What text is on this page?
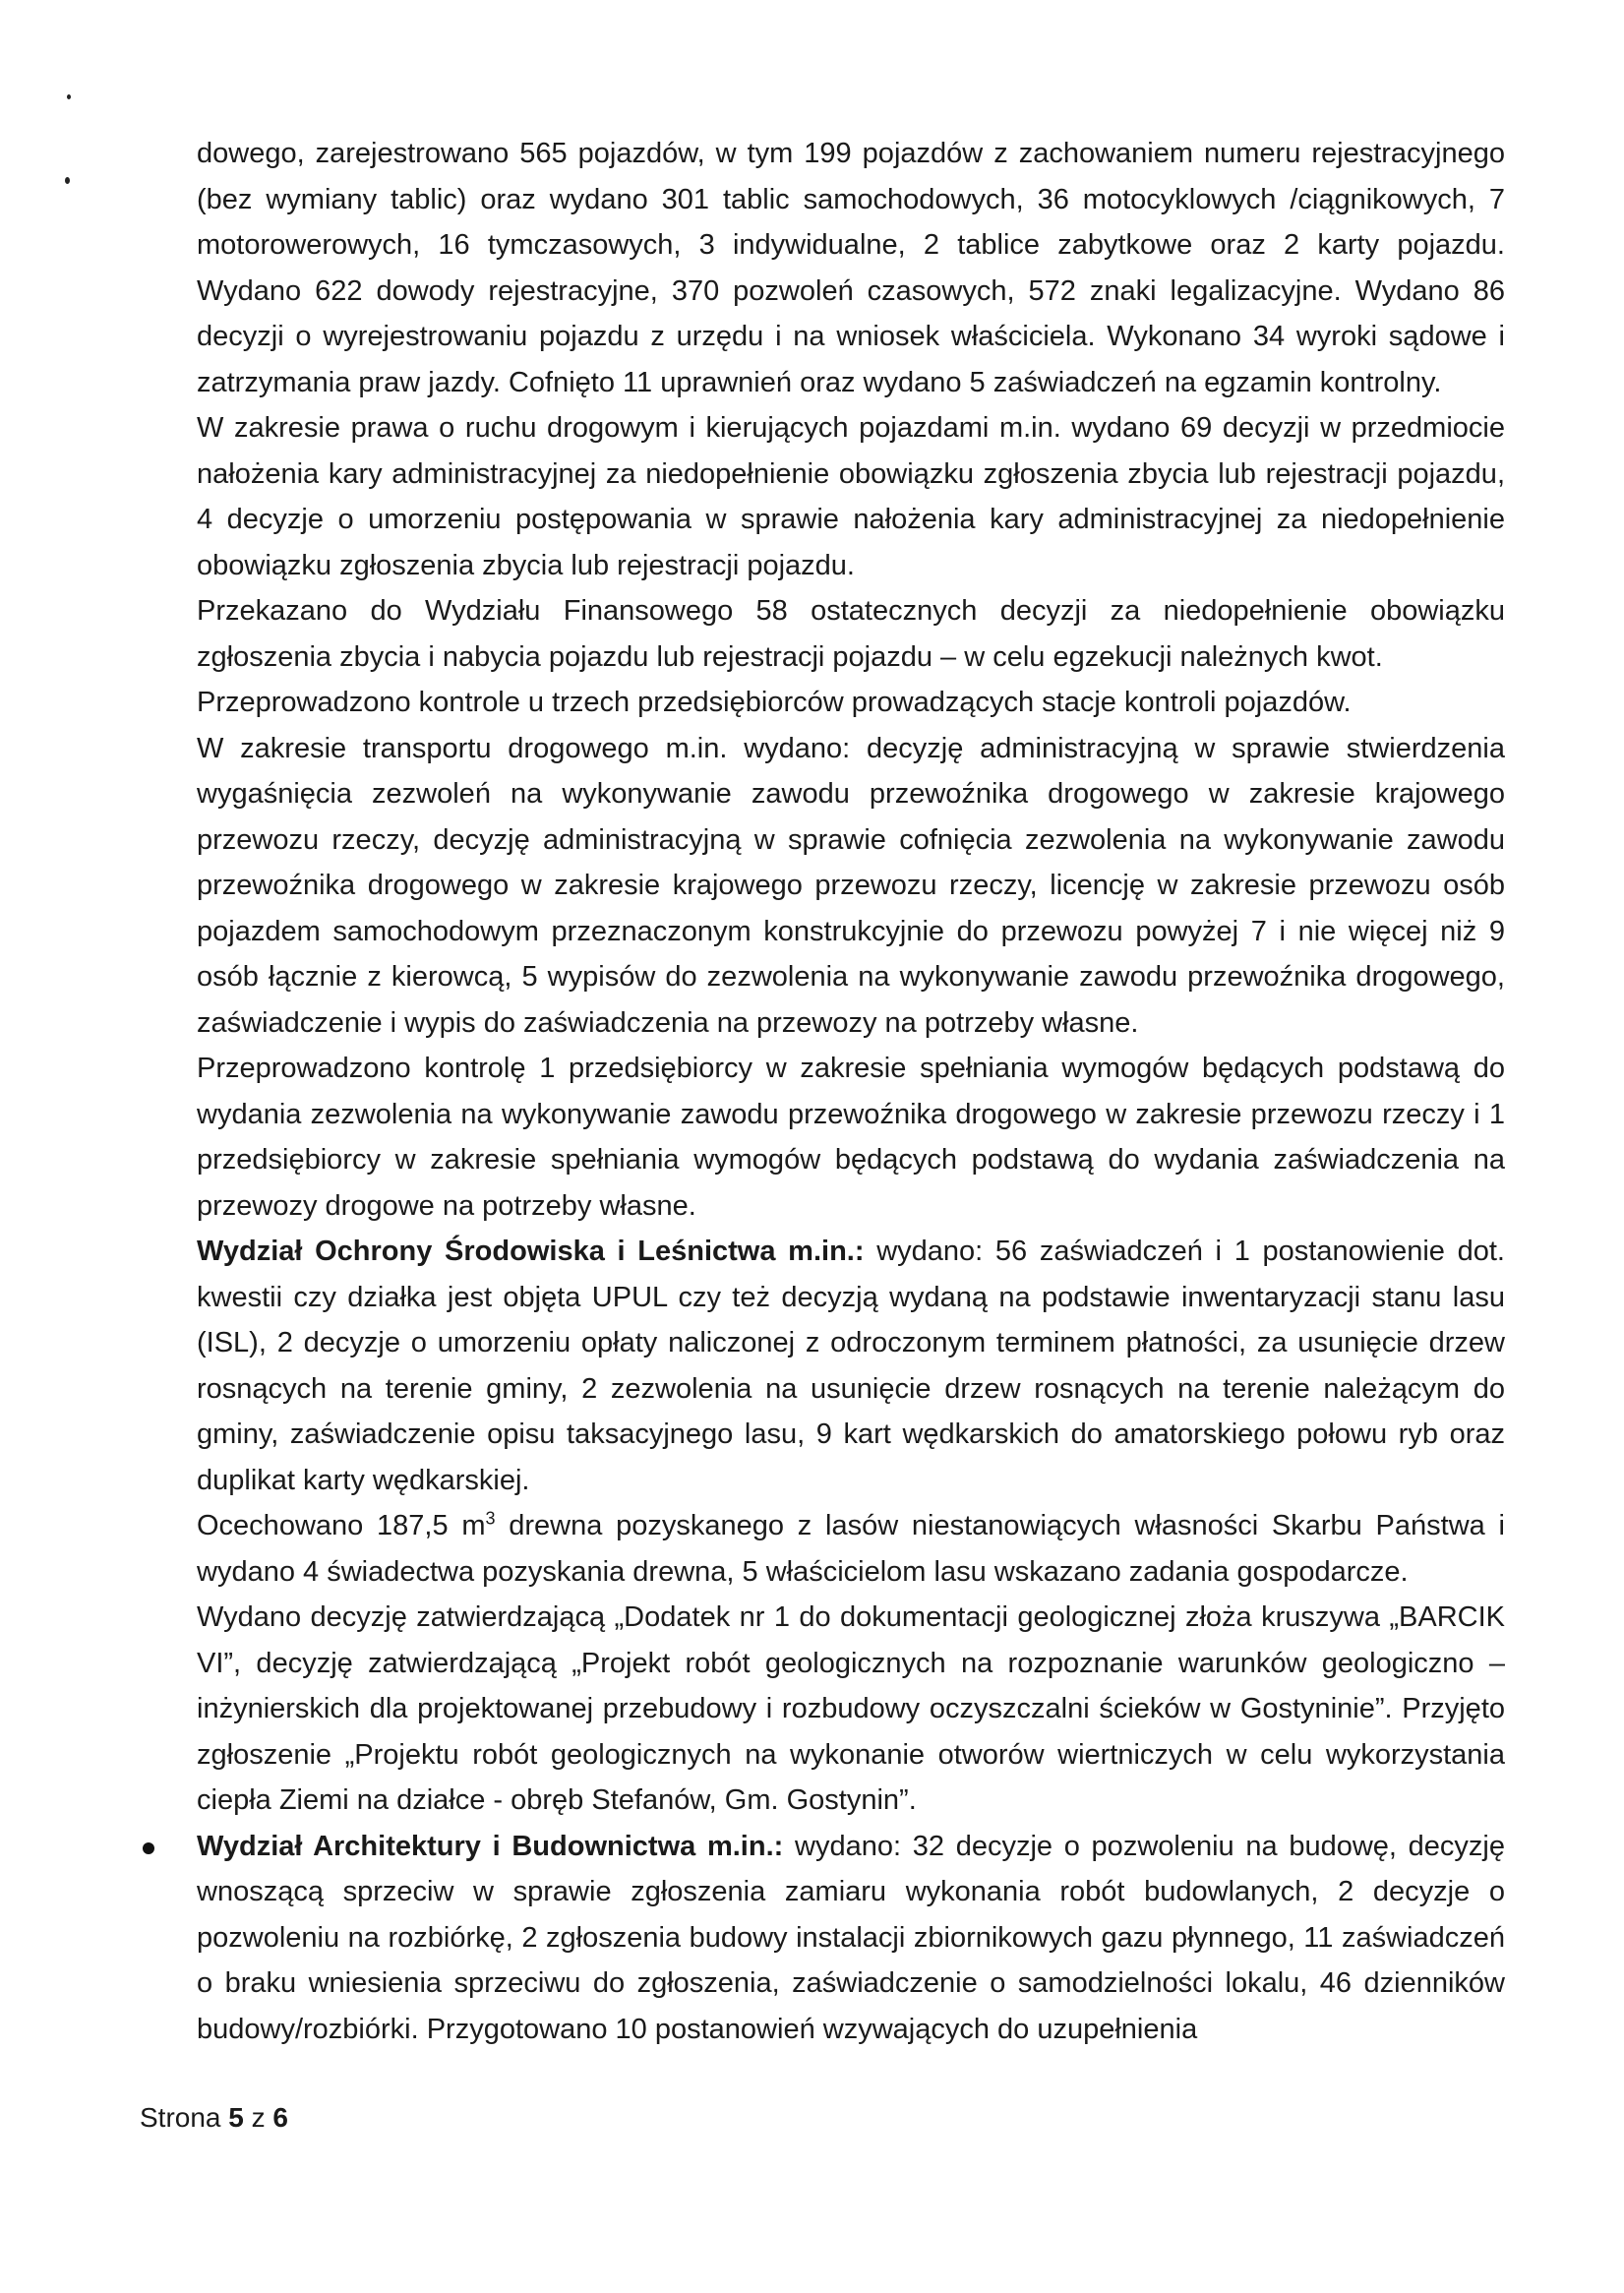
dowego, zarejestrowano 565 pojazdów, w tym 199 pojazdów z zachowaniem numeru rejestracyjnego (bez wymiany tablic) oraz wydano 301 tablic samochodowych, 36 motocyklowych /ciągnikowych, 7 motorowerowych, 16 tymczasowych, 3 indywidualne, 2 tablice zabytkowe oraz 2 karty pojazdu. Wydano 622 dowody rejestracyjne, 370 pozwoleń czasowych, 572 znaki legalizacyjne. Wydano 86 decyzji o wyrejestrowaniu pojazdu z urzędu i na wniosek właściciela. Wykonano 34 wyroki sądowe i zatrzymania praw jazdy. Cofnięto 11 uprawnień oraz wydano 5 zaświadczeń na egzamin kontrolny.

W zakresie prawa o ruchu drogowym i kierujących pojazdami m.in. wydano 69 decyzji w przedmiocie nałożenia kary administracyjnej za niedopełnienie obowiązku zgłoszenia zbycia lub rejestracji pojazdu, 4 decyzje o umorzeniu postępowania w sprawie nałożenia kary administracyjnej za niedopełnienie obowiązku zgłoszenia zbycia lub rejestracji pojazdu.

Przekazano do Wydziału Finansowego 58 ostatecznych decyzji za niedopełnienie obowiązku zgłoszenia zbycia i nabycia pojazdu lub rejestracji pojazdu – w celu egzekucji należnych kwot.

Przeprowadzono kontrole u trzech przedsiębiorców prowadzących stacje kontroli pojazdów.

W zakresie transportu drogowego m.in. wydano: decyzję administracyjną w sprawie stwierdzenia wygaśnięcia zezwoleń na wykonywanie zawodu przewoźnika drogowego w zakresie krajowego przewozu rzeczy, decyzję administracyjną w sprawie cofnięcia zezwolenia na wykonywanie zawodu przewoźnika drogowego w zakresie krajowego przewozu rzeczy, licencję w zakresie przewozu osób pojazdem samochodowym przeznaczonym konstrukcyjnie do przewozu powyżej 7 i nie więcej niż 9 osób łącznie z kierowcą, 5 wypisów do zezwolenia na wykonywanie zawodu przewoźnika drogowego, zaświadczenie i wypis do zaświadczenia na przewozy na potrzeby własne.

Przeprowadzono kontrolę 1 przedsiębiorcy w zakresie spełniania wymogów będących podstawą do wydania zezwolenia na wykonywanie zawodu przewoźnika drogowego w zakresie przewozu rzeczy i 1 przedsiębiorcy w zakresie spełniania wymogów będących podstawą do wydania zaświadczenia na przewozy drogowe na potrzeby własne.

Wydział Ochrony Środowiska i Leśnictwa m.in.: wydano: 56 zaświadczeń i 1 postanowienie dot. kwestii czy działka jest objęta UPUL czy też decyzją wydaną na podstawie inwentaryzacji stanu lasu (ISL), 2 decyzje o umorzeniu opłaty naliczonej z odroczonym terminem płatności, za usunięcie drzew rosnących na terenie gminy, 2 zezwolenia na usunięcie drzew rosnących na terenie należącym do gminy, zaświadczenie opisu taksacyjnego lasu, 9 kart wędkarskich do amatorskiego połowu ryb oraz duplikat karty wędkarskiej.

Ocechowano 187,5 $m^3$ drewna pozyskanego z lasów niestanowiących własności Skarbu Państwa i wydano 4 świadectwa pozyskania drewna, 5 właścicielom lasu wskazano zadania gospodarcze.

Wydano decyzję zatwierdzającą „Dodatek nr 1 do dokumentacji geologicznej złoża kruszywa „BARCIK VI”, decyzję zatwierdzającą „Projekt robót geologicznych na rozpoznanie warunków geologiczno – inżynierskich dla projektowanej przebudowy i rozbudowy oczyszczalni ścieków w Gostyninie”. Przyjęto zgłoszenie „Projektu robót geologicznych na wykonanie otworów wiertniczych w celu wykorzystania ciepła Ziemi na działce - obręb Stefanów, Gm. Gostynin”.

Wydział Architektury i Budownictwa m.in.: wydano: 32 decyzje o pozwoleniu na budowę, decyzję wnoszącą sprzeciw w sprawie zgłoszenia zamiaru wykonania robót budowlanych, 2 decyzje o pozwoleniu na rozbiórkę, 2 zgłoszenia budowy instalacji zbiornikowych gazu płynnego, 11 zaświadczeń o braku wniesienia sprzeciwu do zgłoszenia, zaświadczenie o samodzielności lokalu, 46 dzienników budowy/rozbiórki. Przygotowano 10 postanowień wzywających do uzupełnienia

Strona 5 z 6
